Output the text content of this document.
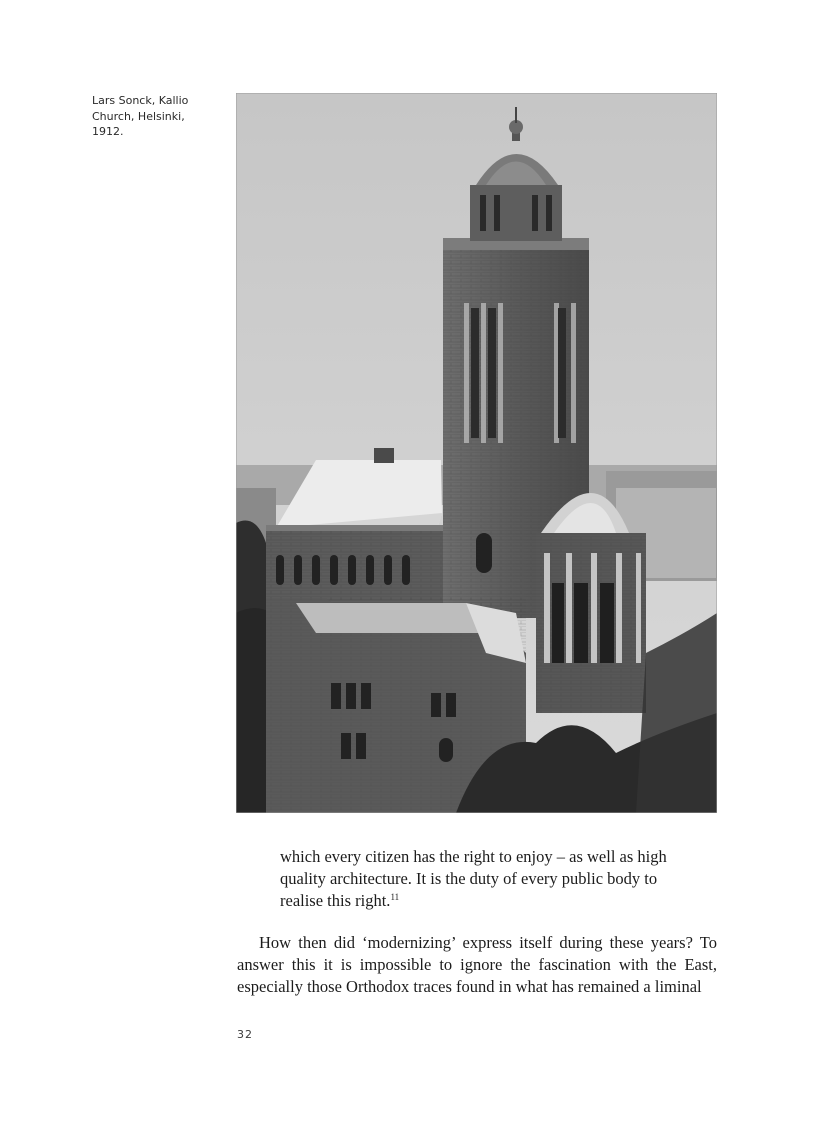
Lars Sonck, Kallio
Church, Helsinki,
1912.
which every citizen has the right to enjoy – as well as high quality architecture. It is the duty of every public body to realise this right.$^{11}$
How then did ‘modernizing’ express itself during these years? To answer this it is impossible to ignore the fascination with the East, especially those Orthodox traces found in what has remained a liminal
32
